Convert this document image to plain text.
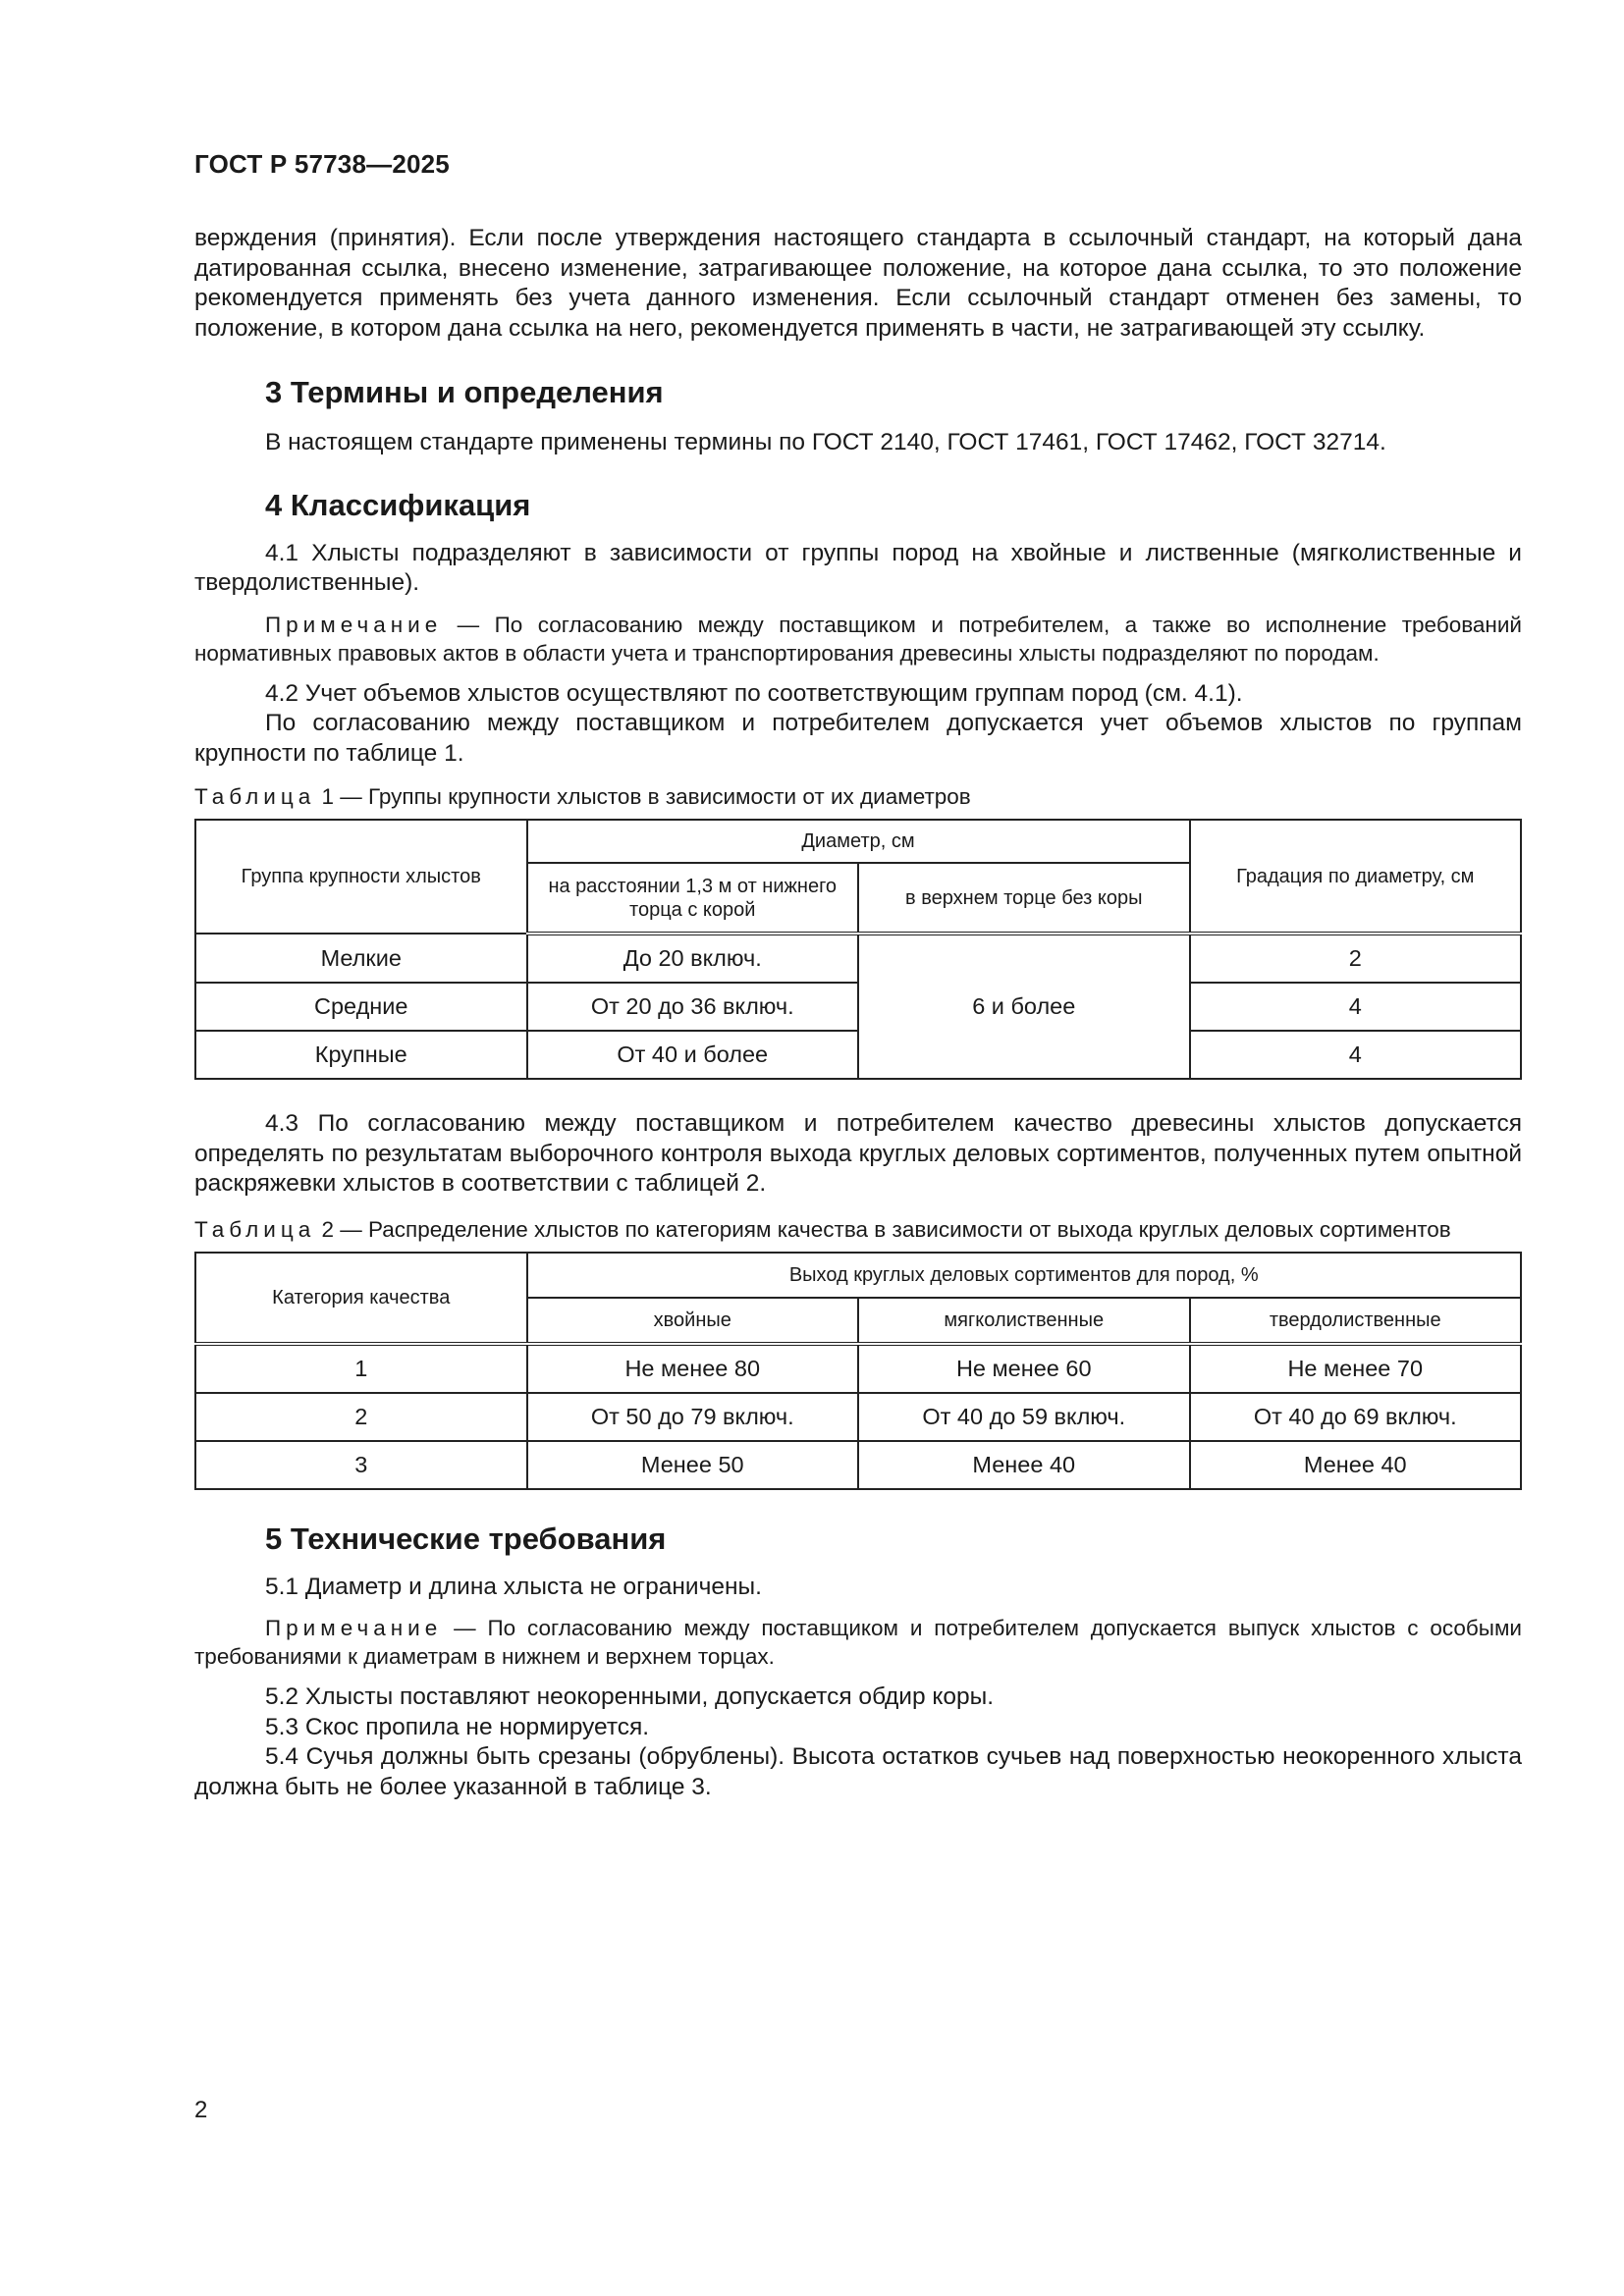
ГОСТ Р 57738—2025

верждения (принятия). Если после утверждения настоящего стандарта в ссылочный стандарт, на который дана датированная ссылка, внесено изменение, затрагивающее положение, на которое дана ссылка, то это положение рекомендуется применять без учета данного изменения. Если ссылочный стандарт отменен без замены, то положение, в котором дана ссылка на него, рекомендуется применять в части, не затрагивающей эту ссылку.

3 Термины и определения

В настоящем стандарте применены термины по ГОСТ 2140, ГОСТ 17461, ГОСТ 17462, ГОСТ 32714.

4 Классификация

4.1 Хлысты подразделяют в зависимости от группы пород на хвойные и лиственные (мягколиственные и твердолиственные).

Примечание — По согласованию между поставщиком и потребителем, а также во исполнение требований нормативных правовых актов в области учета и транспортирования древесины хлысты подразделяют по породам.

4.2 Учет объемов хлыстов осуществляют по соответствующим группам пород (см. 4.1).

По согласованию между поставщиком и потребителем допускается учет объемов хлыстов по группам крупности по таблице 1.

Таблица 1 — Группы крупности хлыстов в зависимости от их диаметров

Группа крупности хлыстов	Диаметр, см		Градация по диаметру, см
	на расстоянии 1,3 м от нижнего торца с корой	в верхнем торце без коры	
Мелкие	До 20 включ.	6 и более	2
Средние	От 20 до 36 включ.		4
Крупные	От 40 и более		4

4.3 По согласованию между поставщиком и потребителем качество древесины хлыстов допускается определять по результатам выборочного контроля выхода круглых деловых сортиментов, полученных путем опытной раскряжевки хлыстов в соответствии с таблицей 2.

Таблица 2 — Распределение хлыстов по категориям качества в зависимости от выхода круглых деловых сортиментов

Категория качества	Выход круглых деловых сортиментов для пород, %		
	хвойные	мягколиственные	твердолиственные
1	Не менее 80	Не менее 60	Не менее 70
2	От 50 до 79 включ.	От 40 до 59 включ.	От 40 до 69 включ.
3	Менее 50	Менее 40	Менее 40
5 Технические требования

5.1 Диаметр и длина хлыста не ограничены.

Примечание — По согласованию между поставщиком и потребителем допускается выпуск хлыстов с особыми требованиями к диаметрам в нижнем и верхнем торцах.

5.2 Хлысты поставляют неокоренными, допускается обдир коры.

5.3 Скос пропила не нормируется.

5.4 Сучья должны быть срезаны (обрублены). Высота остатков сучьев над поверхностью неокоренного хлыста должна быть не более указанной в таблице 3.

2
